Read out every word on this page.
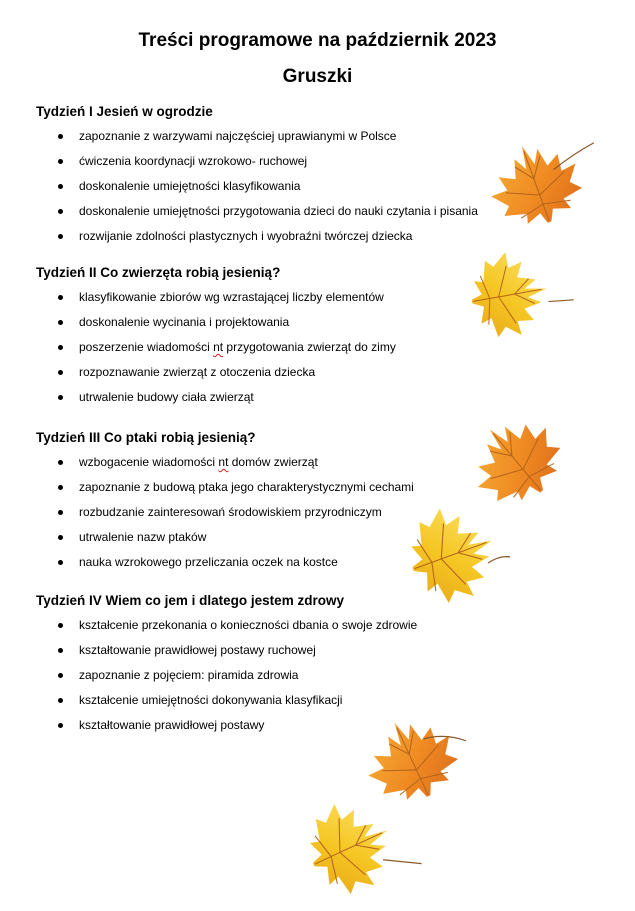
Treści programowe na październik 2023
Gruszki
Tydzień I Jesień w ogrodzie
zapoznanie z warzywami najczęściej uprawianymi w Polsce
ćwiczenia koordynacji wzrokowo- ruchowej
doskonalenie umiejętności klasyfikowania
doskonalenie umiejętności przygotowania dzieci do nauki czytania i pisania
rozwijanie zdolności plastycznych i wyobraźni twórczej dziecka
Tydzień II Co zwierzęta robią jesienią?
klasyfikowanie zbiorów wg wzrastającej liczby elementów
doskonalenie wycinania i projektowania
poszerzenie wiadomości nt przygotowania zwierząt do zimy
rozpoznawanie zwierząt z otoczenia dziecka
utrwalenie budowy ciała zwierząt
Tydzień III Co ptaki robią jesienią?
wzbogacenie wiadomości nt domów zwierząt
zapoznanie z budową ptaka jego charakterystycznymi cechami
rozbudzanie zainteresowań środowiskiem przyrodniczym
utrwalenie nazw ptaków
nauka wzrokowego przeliczania oczek na kostce
Tydzień IV Wiem co jem i dlatego jestem zdrowy
kształcenie przekonania o konieczności dbania o swoje zdrowie
kształtowanie prawidłowej postawy ruchowej
zapoznanie z pojęciem: piramida zdrowia
kształcenie umiejętności dokonywania klasyfikacji
kształtowanie prawidłowej postawy
